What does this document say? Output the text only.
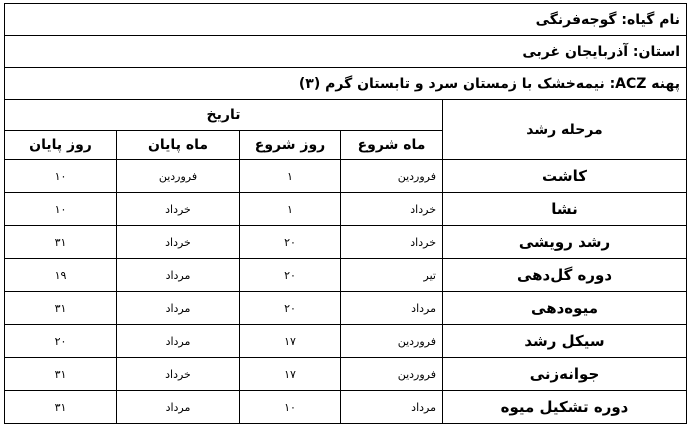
نام گیاه: گوجه‌فرنگی				
استان: آذربایجان غربی				
پهنه ACZ: نیمه‌خشک با زمستان سرد و تابستان گرم (۳)				
تاریخ				مرحله رشد
روز پایان	ماه پایان	روز شروع	ماه شروع	
۱۰	فروردین	۱	فروردین	کاشت
۱۰	خرداد	۱	خرداد	نشا
۳۱	خرداد	۲۰	خرداد	رشد رویشی
۱۹	مرداد	۲۰	تیر	دوره گل‌دهی
۳۱	مرداد	۲۰	مرداد	میوه‌دهی
۲۰	مرداد	۱۷	فروردین	سیکل رشد
۳۱	خرداد	۱۷	فروردین	جوانه‌زنی
۳۱	مرداد	۱۰	مرداد	دوره تشکیل میوه
